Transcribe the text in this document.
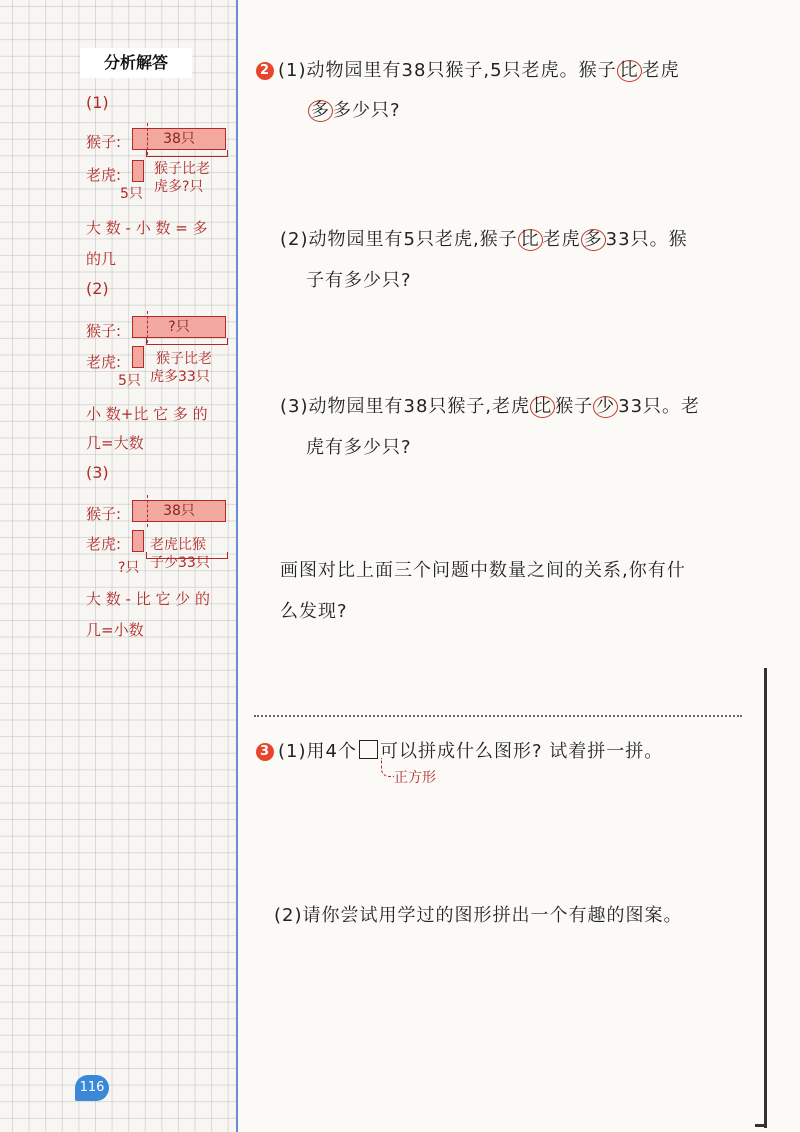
分析解答
(1)
猴子:	38只
老虎:
5只
猴子比老
虎多?只
大 数 - 小 数 = 多
的几
(2)
猴子:	?只
老虎:
5只
猴子比老
虎多33只
小 数+比 它 多 的
几=大数
(3)
猴子:	38只
老虎:
?只
老虎比猴
子少33只
大 数 - 比 它 少 的
几=小数
2 (1)动物园里有38只猴子,5只老虎。猴子 比 老虎
多 多少只?
(2)动物园里有5只老虎,猴子 比 老虎 多 33只。猴
子有多少只?
(3)动物园里有38只猴子,老虎 比 猴子 少 33只。老
虎有多少只?
画图对比上面三个问题中数量之间的关系,你有什
么发现?
3 (1)用4个 可以拼成什么图形? 试着拼一拼。
正方形
(2)请你尝试用学过的图形拼出一个有趣的图案。
116
